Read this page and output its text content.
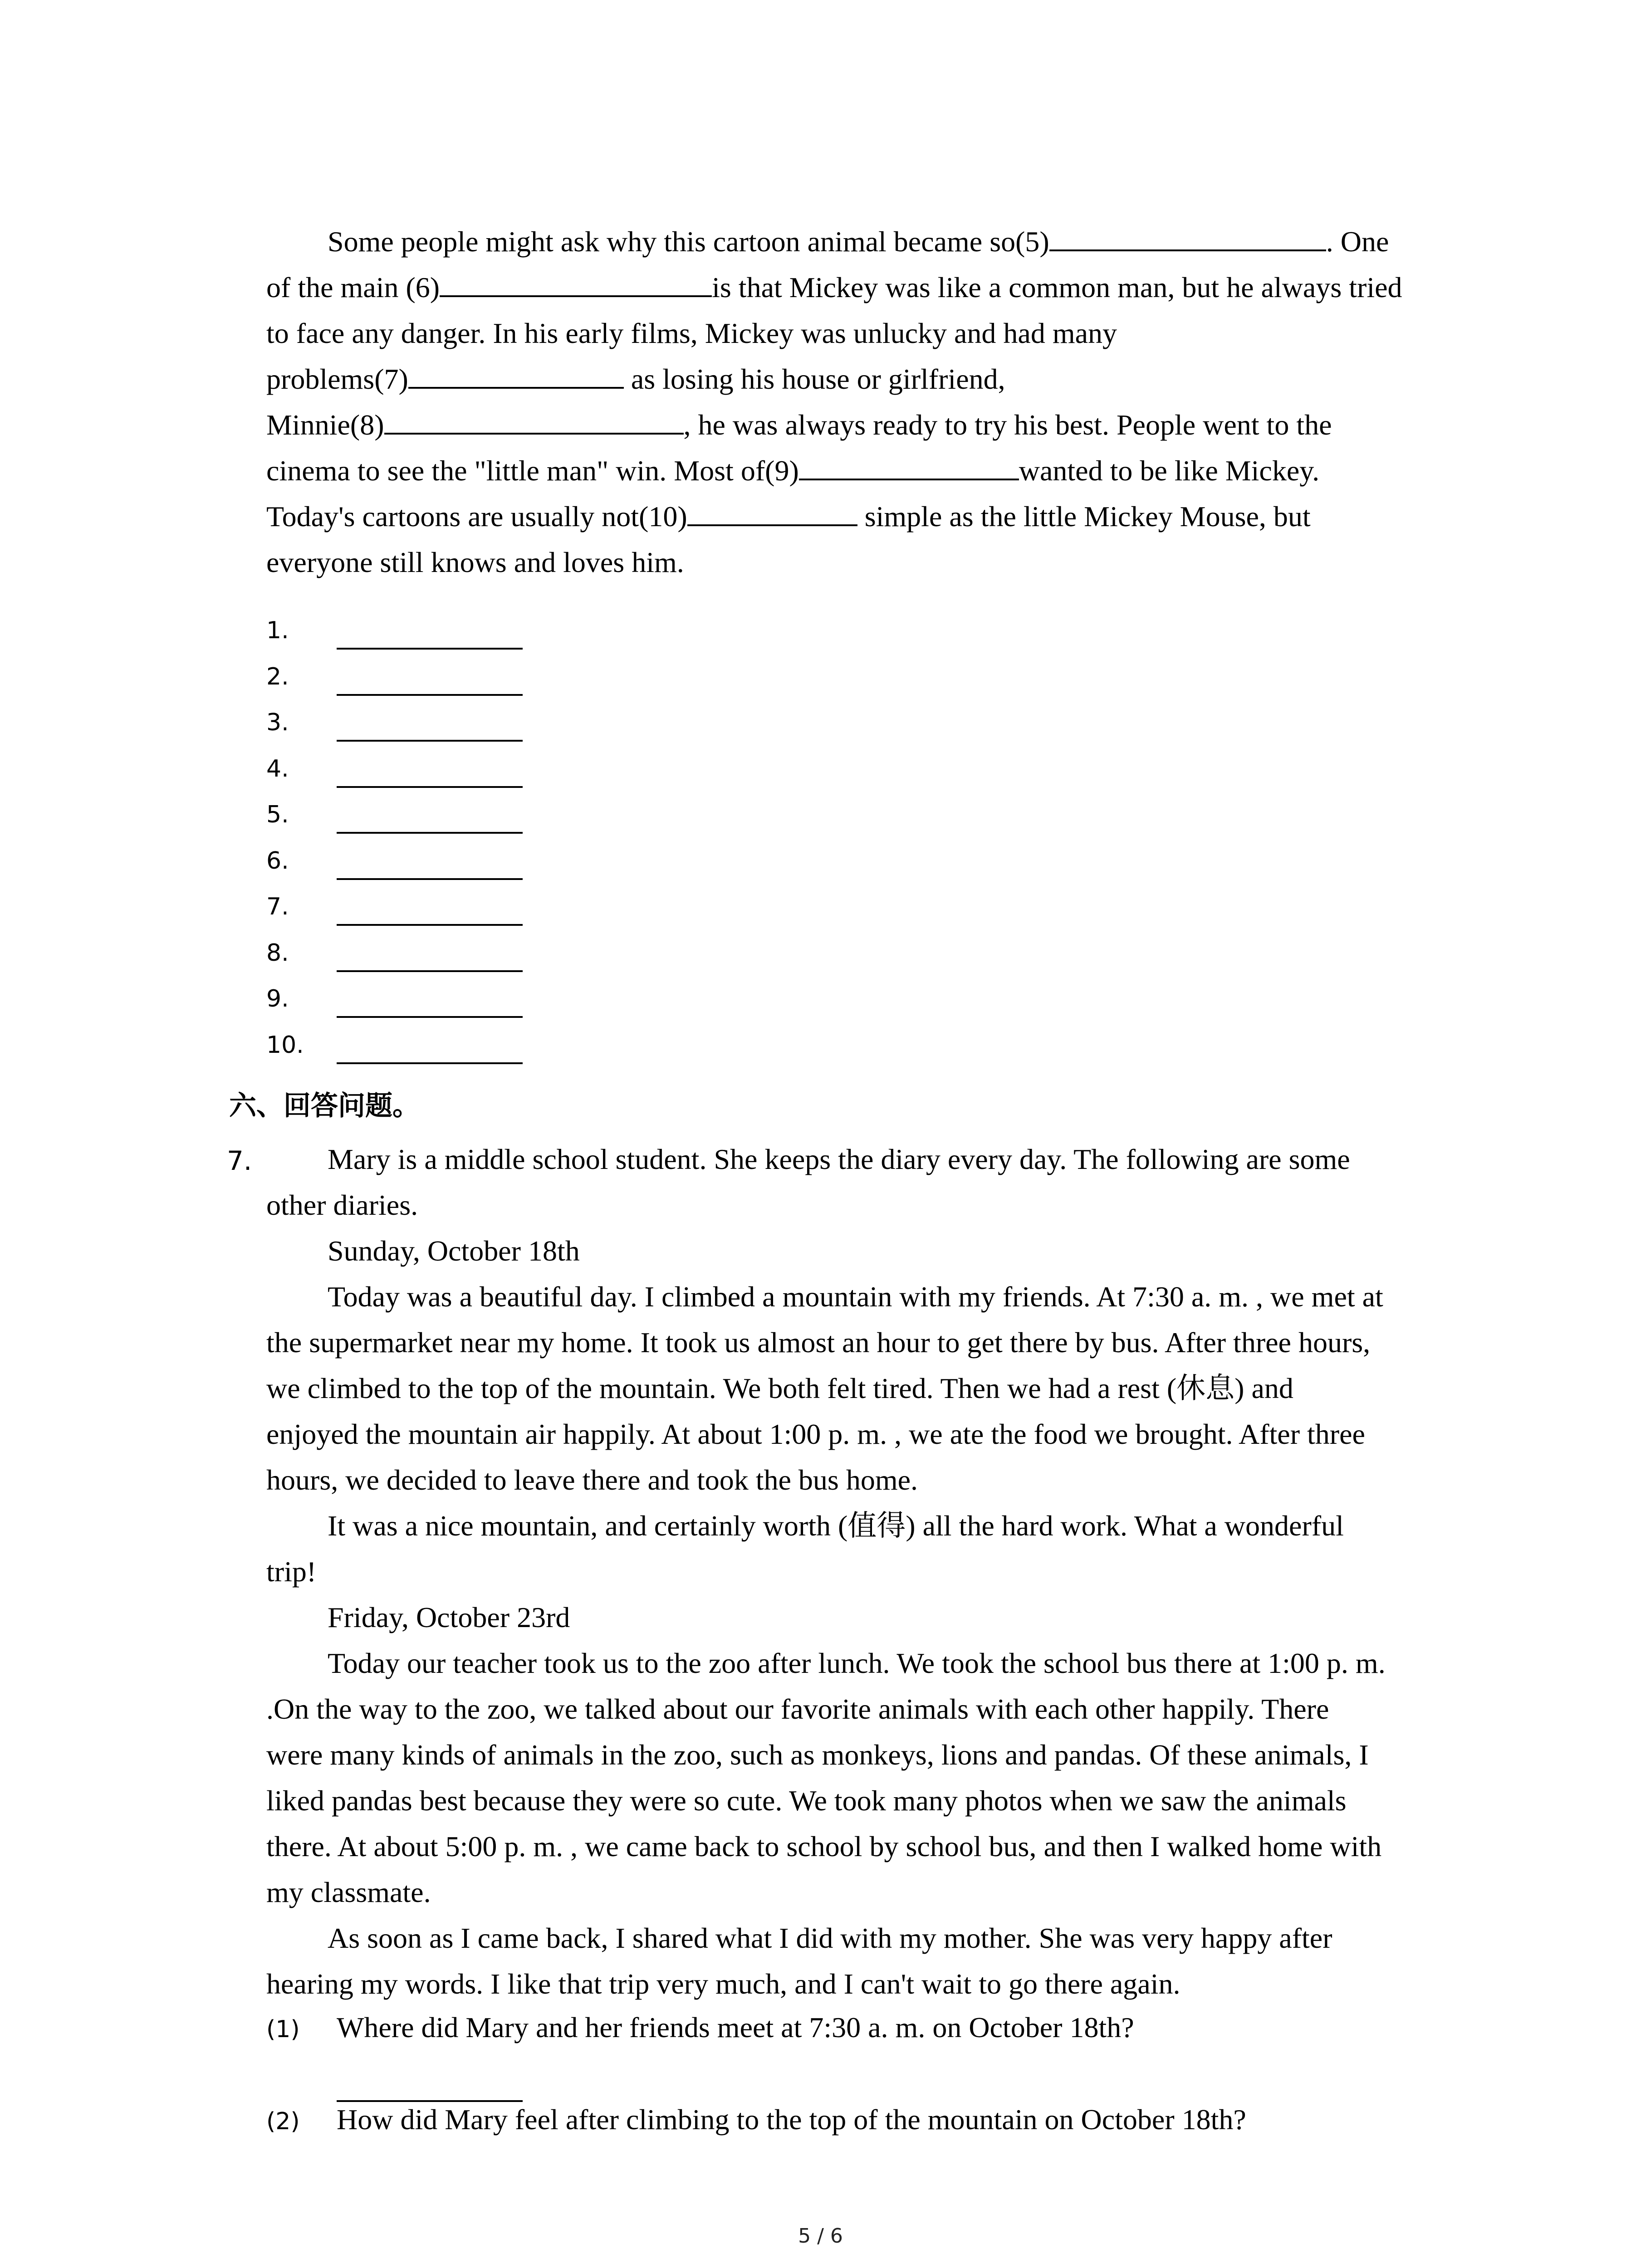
Some people might ask why this cartoon animal became so(5)	. One
of the main (6)	is that Mickey was like a common man, but he always tried
to face any danger. In his early films, Mickey was unlucky and had many
problems(7)	as losing his house or girlfriend,
Minnie(8)	, he was always ready to try his best. People went to the
cinema to see the "little man" win. Most of(9)	wanted to be like Mickey.
Today's cartoons are usually not(10)	simple as the little Mickey Mouse, but
everyone still knows and loves him.
1.
2.
3.
4.
5.
6.
7.
8.
9.
10.
六、回答问题。
7.	Mary is a middle school student. She keeps the diary every day. The following are some
other diaries.
Sunday, October 18th
Today was a beautiful day. I climbed a mountain with my friends. At 7:30 a. m. , we met at
the supermarket near my home. It took us almost an hour to get there by bus. After three hours,
we climbed to the top of the mountain. We both felt tired. Then we had a rest (休息) and
enjoyed the mountain air happily. At about 1:00 p. m. , we ate the food we brought. After three
hours, we decided to leave there and took the bus home.
It was a nice mountain, and certainly worth (值得) all the hard work. What a wonderful
trip!
Friday, October 23rd
Today our teacher took us to the zoo after lunch. We took the school bus there at 1:00 p. m.
.On the way to the zoo, we talked about our favorite animals with each other happily. There
were many kinds of animals in the zoo, such as monkeys, lions and pandas. Of these animals, I
liked pandas best because they were so cute. We took many photos when we saw the animals
there. At about 5:00 p. m. , we came back to school by school bus, and then I walked home with
my classmate.
As soon as I came back, I shared what I did with my mother. She was very happy after
hearing my words. I like that trip very much, and I can't wait to go there again.
(1) Where did Mary and her friends meet at 7:30 a. m. on October 18th?
(2) How did Mary feel after climbing to the top of the mountain on October 18th?
5 / 6
